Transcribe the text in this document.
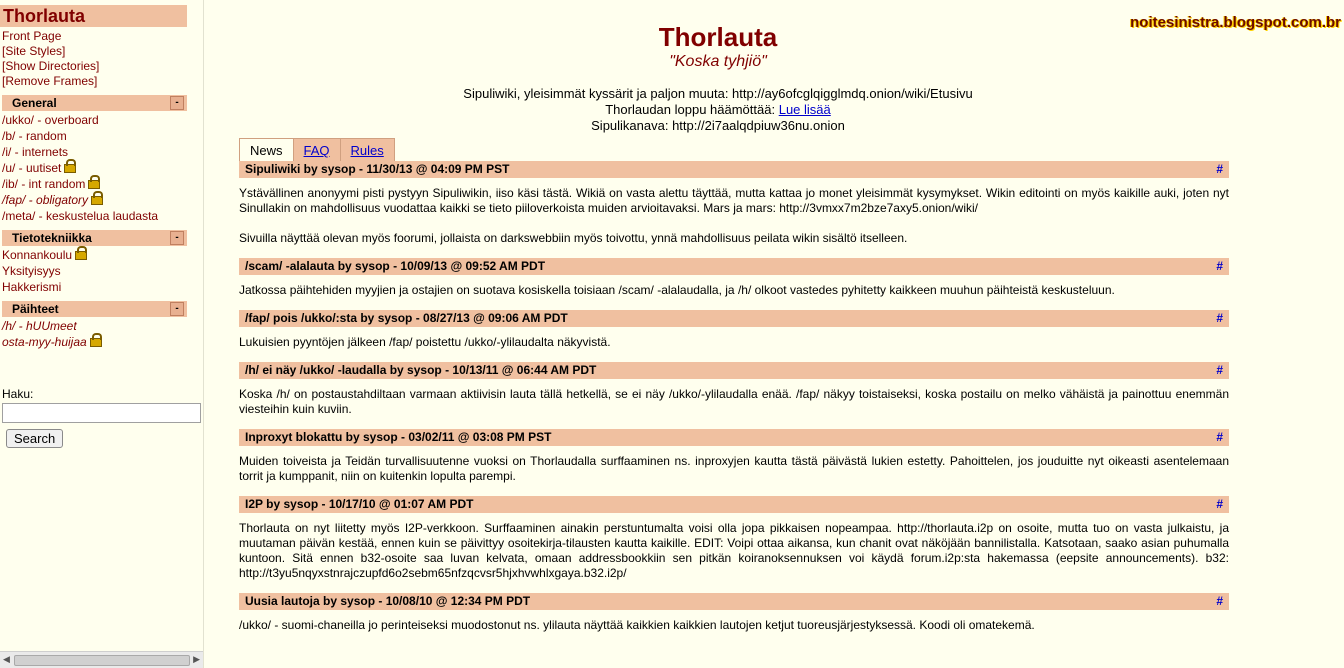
Thorlauta
Front Page
[Site Styles]
[Show Directories]
[Remove Frames]
General	-
/ukko/ - overboard
/b/ - random
/i/ - internets
/u/ - uutiset
/ib/ - int random
/fap/ - obligatory
/meta/ - keskustelua laudasta
Tietotekniikka	-
Konnankoulu
Yksityisyys
Hakkerismi
Päihteet	-
/h/ - hUUmeet
osta-myy-huijaa
Haku:
Search
◀	▶
noitesinistra.blogspot.com.br
Thorlauta
"Koska tyhjiö"
Sipuliwiki, yleisimmät kyssärit ja paljon muuta: http://ay6ofcglqigglmdq.onion/wiki/Etusivu
Thorlaudan loppu häämöttää: Lue lisää
Sipulikanava: http://2i7aalqdpiuw36nu.onion
News	FAQ	Rules
Sipuliwiki by sysop - 11/30/13 @ 04:09 PM PST	#

Ystävällinen anonyymi pisti pystyyn Sipuliwikin, iiso käsi tästä. Wikiä on vasta alettu täyttää, mutta kattaa jo monet yleisimmät kysymykset. Wikin editointi on myös kaikille auki, joten nyt Sinullakin on mahdollisuus vuodattaa kaikki se tieto piiloverkoista muiden arvioitavaksi. Mars ja mars: http://3vmxx7m2bze7axy5.onion/wiki/

Sivuilla näyttää olevan myös foorumi, jollaista on darkswebbiin myös toivottu, ynnä mahdollisuus peilata wikin sisältö itselleen.

/scam/ -alalauta by sysop - 10/09/13 @ 09:52 AM PDT	#

Jatkossa päihtehiden myyjien ja ostajien on suotava kosiskella toisiaan /scam/ -alalaudalla, ja /h/ olkoot vastedes pyhitetty kaikkeen muuhun päihteistä keskusteluun.

/fap/ pois /ukko/:sta by sysop - 08/27/13 @ 09:06 AM PDT	#

Lukuisien pyyntöjen jälkeen /fap/ poistettu /ukko/-ylilaudalta näkyvistä.

/h/ ei näy /ukko/ -laudalla by sysop - 10/13/11 @ 06:44 AM PDT	#

Koska /h/ on postaustahdiltaan varmaan aktiivisin lauta tällä hetkellä, se ei näy /ukko/-ylilaudalla enää. /fap/ näkyy toistaiseksi, koska postailu on melko vähäistä ja painottuu enemmän viesteihin kuin kuviin.

Inproxyt blokattu by sysop - 03/02/11 @ 03:08 PM PST	#

Muiden toiveista ja Teidän turvallisuutenne vuoksi on Thorlaudalla surffaaminen ns. inproxyjen kautta tästä päivästä lukien estetty. Pahoittelen, jos jouduitte nyt oikeasti asentelemaan torrit ja kumppanit, niin on kuitenkin lopulta parempi.

I2P by sysop - 10/17/10 @ 01:07 AM PDT	#

Thorlauta on nyt liitetty myös I2P-verkkoon. Surffaaminen ainakin perstuntumalta voisi olla jopa pikkaisen nopeampaa. http://thorlauta.i2p on osoite, mutta tuo on vasta julkaistu, ja muutaman päivän kestää, ennen kuin se päivittyy osoitekirja-tilausten kautta kaikille. EDIT: Voipi ottaa aikansa, kun chanit ovat näköjään bannilistalla. Katsotaan, saako asian puhumalla kuntoon. Sitä ennen b32-osoite saa luvan kelvata, omaan addressbookkiin sen pitkän koiranoksennuksen voi käydä forum.i2p:sta hakemassa (eepsite announcements). b32: http://t3yu5nqyxstnrajczupfd6o2sebm65nfzqcvsr5hjxhvwhlxgaya.b32.i2p/

Uusia lautoja by sysop - 10/08/10 @ 12:34 PM PDT	#

/ukko/ - suomi-chaneilla jo perinteiseksi muodostonut ns. ylilauta näyttää kaikkien kaikkien lautojen ketjut tuoreusjärjestyksessä. Koodi oli omatekemä.
